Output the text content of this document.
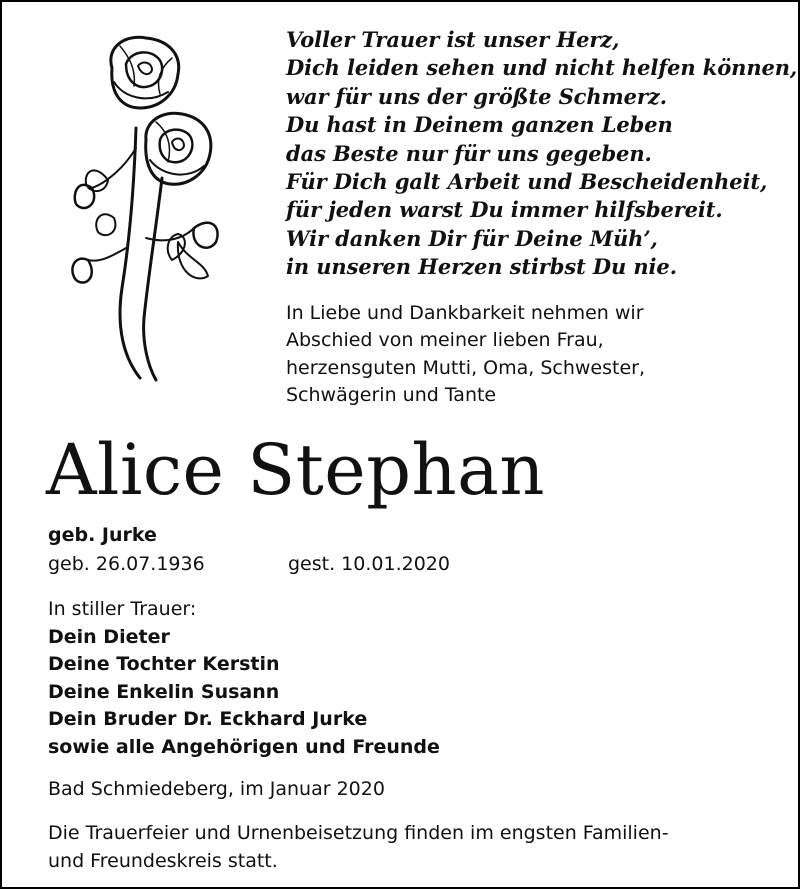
Voller Trauer ist unser Herz,
Dich leiden sehen und nicht helfen können,
war für uns der größte Schmerz.
Du hast in Deinem ganzen Leben
das Beste nur für uns gegeben.
Für Dich galt Arbeit und Bescheidenheit,
für jeden warst Du immer hilfsbereit.
Wir danken Dir für Deine Müh’,
in unseren Herzen stirbst Du nie.
In Liebe und Dankbarkeit nehmen wir
Abschied von meiner lieben Frau,
herzensguten Mutti, Oma, Schwester,
Schwägerin und Tante
Alice Stephan
geb. Jurke
geb. 26.07.1936	gest. 10.01.2020
In stiller Trauer:
Dein Dieter
Deine Tochter Kerstin
Deine Enkelin Susann
Dein Bruder Dr. Eckhard Jurke
sowie alle Angehörigen und Freunde
Bad Schmiedeberg, im Januar 2020
Die Trauerfeier und Urnenbeisetzung finden im engsten Familien-
und Freundeskreis statt.
